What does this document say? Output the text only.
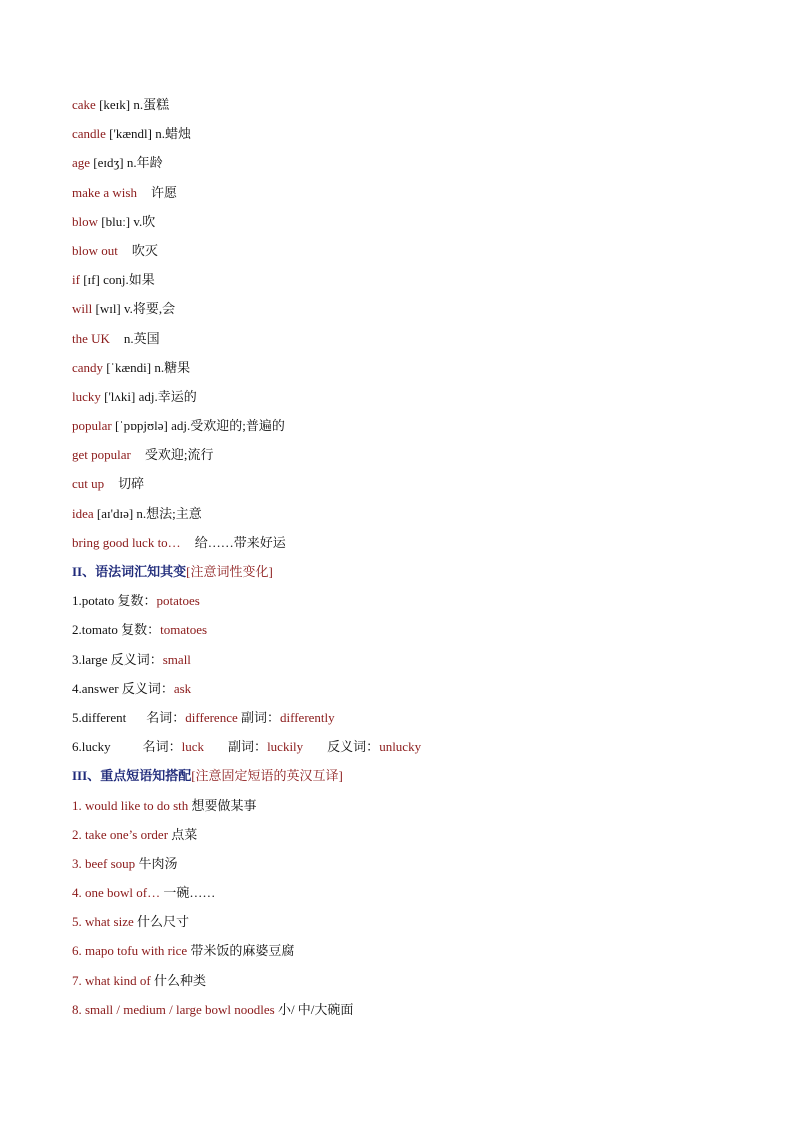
cake [keɪk] n.蛋糕
candle ['kændl] n.蜡烛
age [eɪdʒ] n.年龄
make a wish 许愿
blow [bluː] v.吹
blow out 吹灭
if [ɪf] conj.如果
will [wɪl] v.将要,会
the UK n.英国
candy [ˈkændi] n.糖果
lucky ['lʌki] adj.幸运的
popular [ˈpɒpjʊlə] adj.受欢迎的;普遍的
get popular 受欢迎;流行
cut up 切碎
idea [aɪ'dɪə] n.想法;主意
bring good luck to… 给……带来好运
II、语法词汇知其变[注意词性变化]
1.potato 复数：potatoes
2.tomato 复数：tomatoes
3.large 反义词：small
4.answer 反义词：ask
5.different 名词：difference 副词：differently
6.lucky 名词：luck 副词：luckily 反义词：unlucky
III、重点短语知搭配[注意固定短语的英汉互译]
1. would like to do sth 想要做某事
2. take one’s order 点菜
3. beef soup 牛肉汤
4. one bowl of… 一碗……
5. what size 什么尺寸
6. mapo tofu with rice 带米饭的麻婆豆腐
7. what kind of 什么种类
8. small / medium / large bowl noodles 小/ 中/大碗面
